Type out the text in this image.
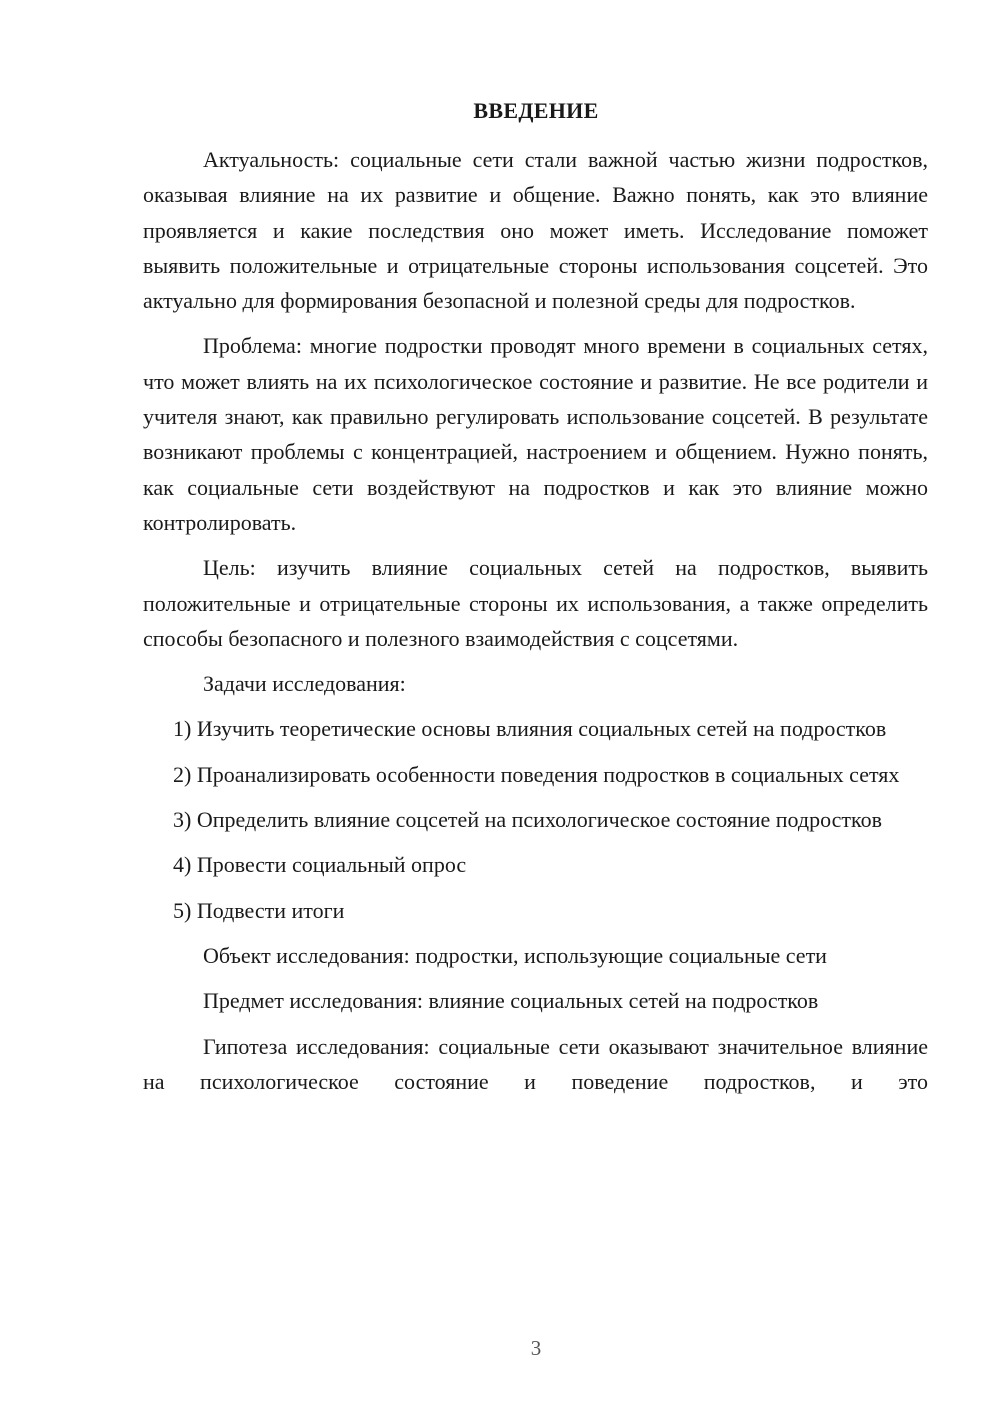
ВВЕДЕНИЕ

Актуальность: социальные сети стали важной частью жизни подростков, оказывая влияние на их развитие и общение. Важно понять, как это влияние проявляется и какие последствия оно может иметь. Исследование поможет выявить положительные и отрицательные стороны использования соцсетей. Это актуально для формирования безопасной и полезной среды для подростков.

Проблема: многие подростки проводят много времени в социальных сетях, что может влиять на их психологическое состояние и развитие. Не все родители и учителя знают, как правильно регулировать использование соцсетей. В результате возникают проблемы с концентрацией, настроением и общением. Нужно понять, как социальные сети воздействуют на подростков и как это влияние можно контролировать.

Цель: изучить влияние социальных сетей на подростков, выявить положительные и отрицательные стороны их использования, а также определить способы безопасного и полезного взаимодействия с соцсетями.

Задачи исследования:

1) Изучить теоретические основы влияния социальных сетей на подростков

2) Проанализировать особенности поведения подростков в социальных сетях

3) Определить влияние соцсетей на психологическое состояние подростков

4) Провести социальный опрос

5) Подвести итоги

Объект исследования: подростки, использующие социальные сети

Предмет исследования: влияние социальных сетей на подростков

Гипотеза исследования: социальные сети оказывают значительное влияние на психологическое состояние и поведение подростков, и это

3
